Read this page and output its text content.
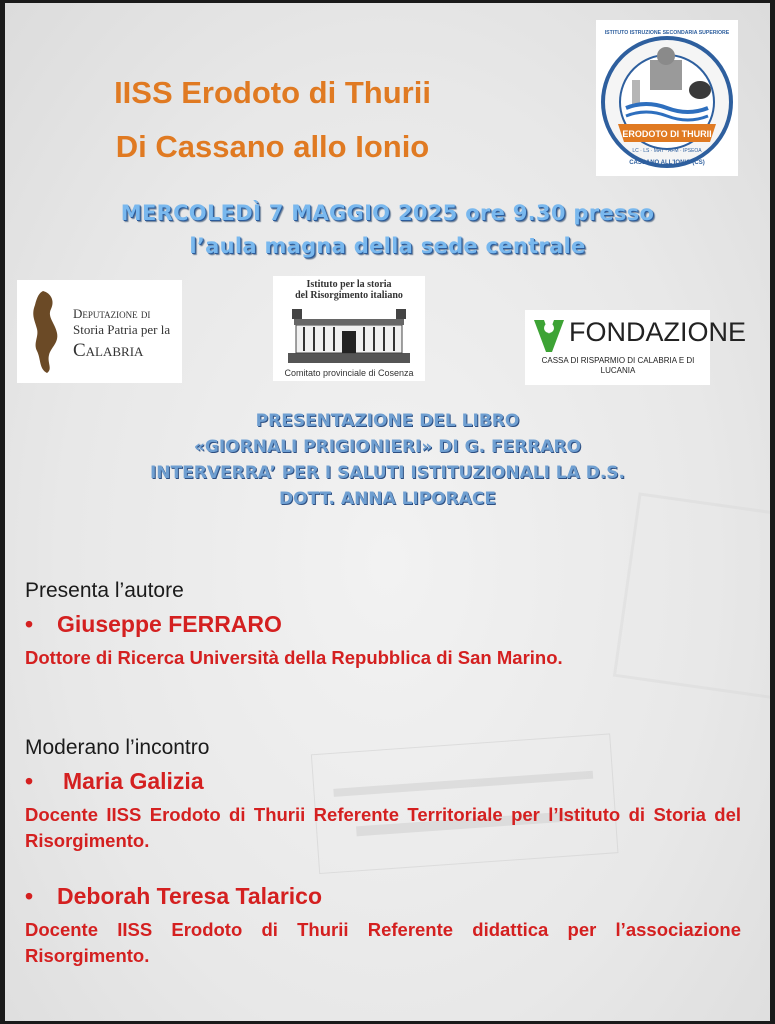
IISS Erodoto di Thurii
Di Cassano allo Ionio	ERODOTO DI THURII
LC · LS · MAT · AFM · IPSEOA
CASSANO ALL'IONIO (CS)
ISTITUTO ISTRUZIONE SECONDARIA SUPERIORE
MERCOLEDÌ 7 MAGGIO 2025 ore 9.30 presso
l’aula magna della sede centrale
Deputazione di
Storia Patria per la
Calabria
Istituto per la storia
del Risorgimento italiano
Comitato provinciale di Cosenza
FONDAZIONE
CASSA DI RISPARMIO DI CALABRIA E DI LUCANIA
PRESENTAZIONE DEL LIBRO
«GIORNALI PRIGIONIERI» DI G. FERRARO
INTERVERRA’ PER I SALUTI ISTITUZIONALI LA D.S.
DOTT. ANNA LIPORACE
Presenta l’autore
• Giuseppe FERRARO
Dottore di Ricerca Università della Repubblica di San Marino.
Moderano l’incontro
• Maria Galizia
Docente IISS Erodoto di Thurii Referente Territoriale per l’Istituto di Storia del Risorgimento.
• Deborah Teresa Talarico
Docente IISS Erodoto di Thurii Referente didattica per l’associazione Risorgimento.
